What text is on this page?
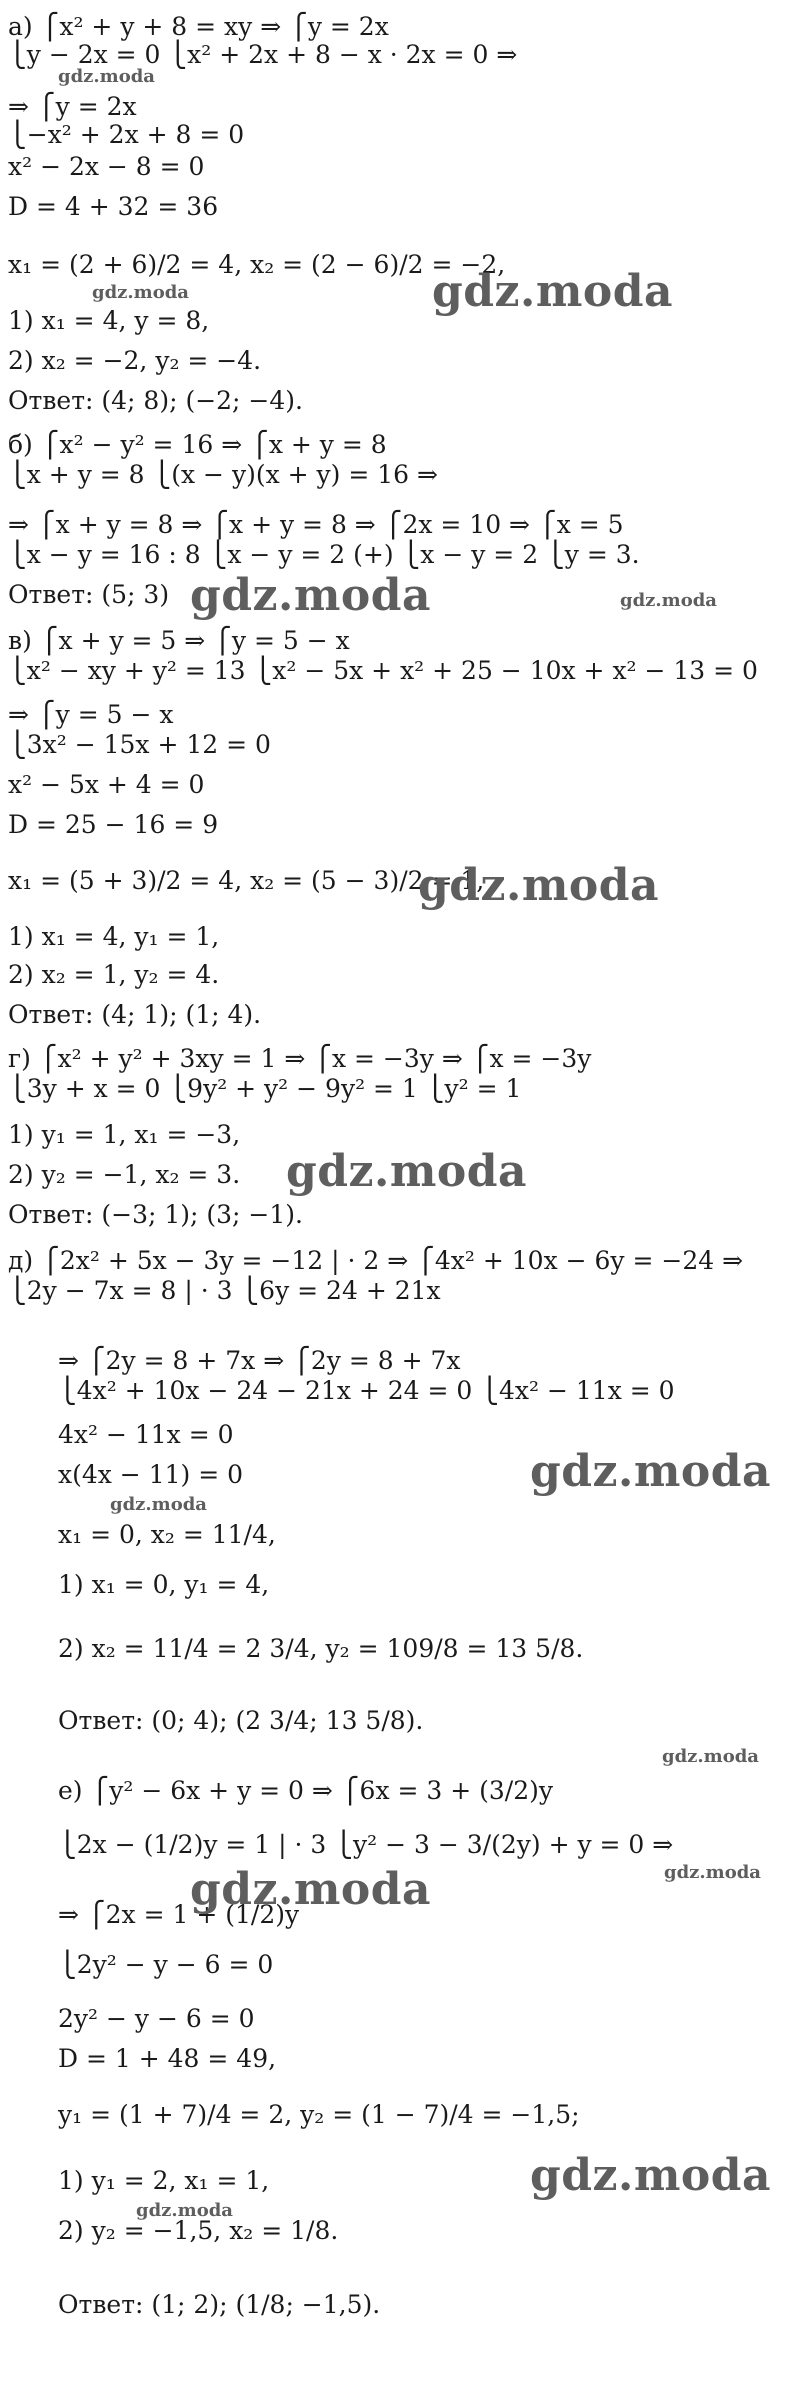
а) ⎧x² + y + 8 = xy ⇒ ⎧y = 2x
⎩y − 2x = 0 ⎩x² + 2x + 8 − x · 2x = 0 ⇒
⇒ ⎧y = 2x
⎩−x² + 2x + 8 = 0
x² − 2x − 8 = 0
D = 4 + 32 = 36
x₁ = (2 + 6)/2 = 4, x₂ = (2 − 6)/2 = −2,
1) x₁ = 4, y = 8,
2) x₂ = −2, y₂ = −4.
Ответ: (4; 8); (−2; −4).
б) ⎧x² − y² = 16 ⇒ ⎧x + y = 8
⎩x + y = 8 ⎩(x − y)(x + y) = 16 ⇒
⇒ ⎧x + y = 8 ⇒ ⎧x + y = 8 ⇒ ⎧2x = 10 ⇒ ⎧x = 5
⎩x − y = 16 : 8 ⎩x − y = 2 (+) ⎩x − y = 2 ⎩y = 3.
Ответ: (5; 3)
в) ⎧x + y = 5 ⇒ ⎧y = 5 − x
⎩x² − xy + y² = 13 ⎩x² − 5x + x² + 25 − 10x + x² − 13 = 0
⇒ ⎧y = 5 − x
⎩3x² − 15x + 12 = 0
x² − 5x + 4 = 0
D = 25 − 16 = 9
x₁ = (5 + 3)/2 = 4, x₂ = (5 − 3)/2 = 1,
1) x₁ = 4, y₁ = 1,
2) x₂ = 1, y₂ = 4.
Ответ: (4; 1); (1; 4).
г) ⎧x² + y² + 3xy = 1 ⇒ ⎧x = −3y ⇒ ⎧x = −3y
⎩3y + x = 0 ⎩9y² + y² − 9y² = 1 ⎩y² = 1
1) y₁ = 1, x₁ = −3,
2) y₂ = −1, x₂ = 3.
Ответ: (−3; 1); (3; −1).
д) ⎧2x² + 5x − 3y = −12 | · 2 ⇒ ⎧4x² + 10x − 6y = −24 ⇒
⎩2y − 7x = 8 | · 3 ⎩6y = 24 + 21x
⇒ ⎧2y = 8 + 7x ⇒ ⎧2y = 8 + 7x
⎩4x² + 10x − 24 − 21x + 24 = 0 ⎩4x² − 11x = 0
4x² − 11x = 0
x(4x − 11) = 0
x₁ = 0, x₂ = 11/4,
1) x₁ = 0, y₁ = 4,
2) x₂ = 11/4 = 2 3/4, y₂ = 109/8 = 13 5/8.
Ответ: (0; 4); (2 3/4; 13 5/8).
е) ⎧y² − 6x + y = 0 ⇒ ⎧6x = 3 + (3/2)y
⎩2x − (1/2)y = 1 | · 3 ⎩y² − 3 − 3/(2y) + y = 0 ⇒
⇒ ⎧2x = 1 + (1/2)y
⎩2y² − y − 6 = 0
2y² − y − 6 = 0
D = 1 + 48 = 49,
y₁ = (1 + 7)/4 = 2, y₂ = (1 − 7)/4 = −1,5;
1) y₁ = 2, x₁ = 1,
2) y₂ = −1,5, x₂ = 1/8.
Ответ: (1; 2); (1/8; −1,5).
gdz.moda
gdz.moda	gdz.moda
gdz.moda	gdz.moda
gdz.moda
gdz.moda
gdz.moda
gdz.moda
gdz.moda
gdz.moda	gdz.moda
gdz.moda
gdz.moda
